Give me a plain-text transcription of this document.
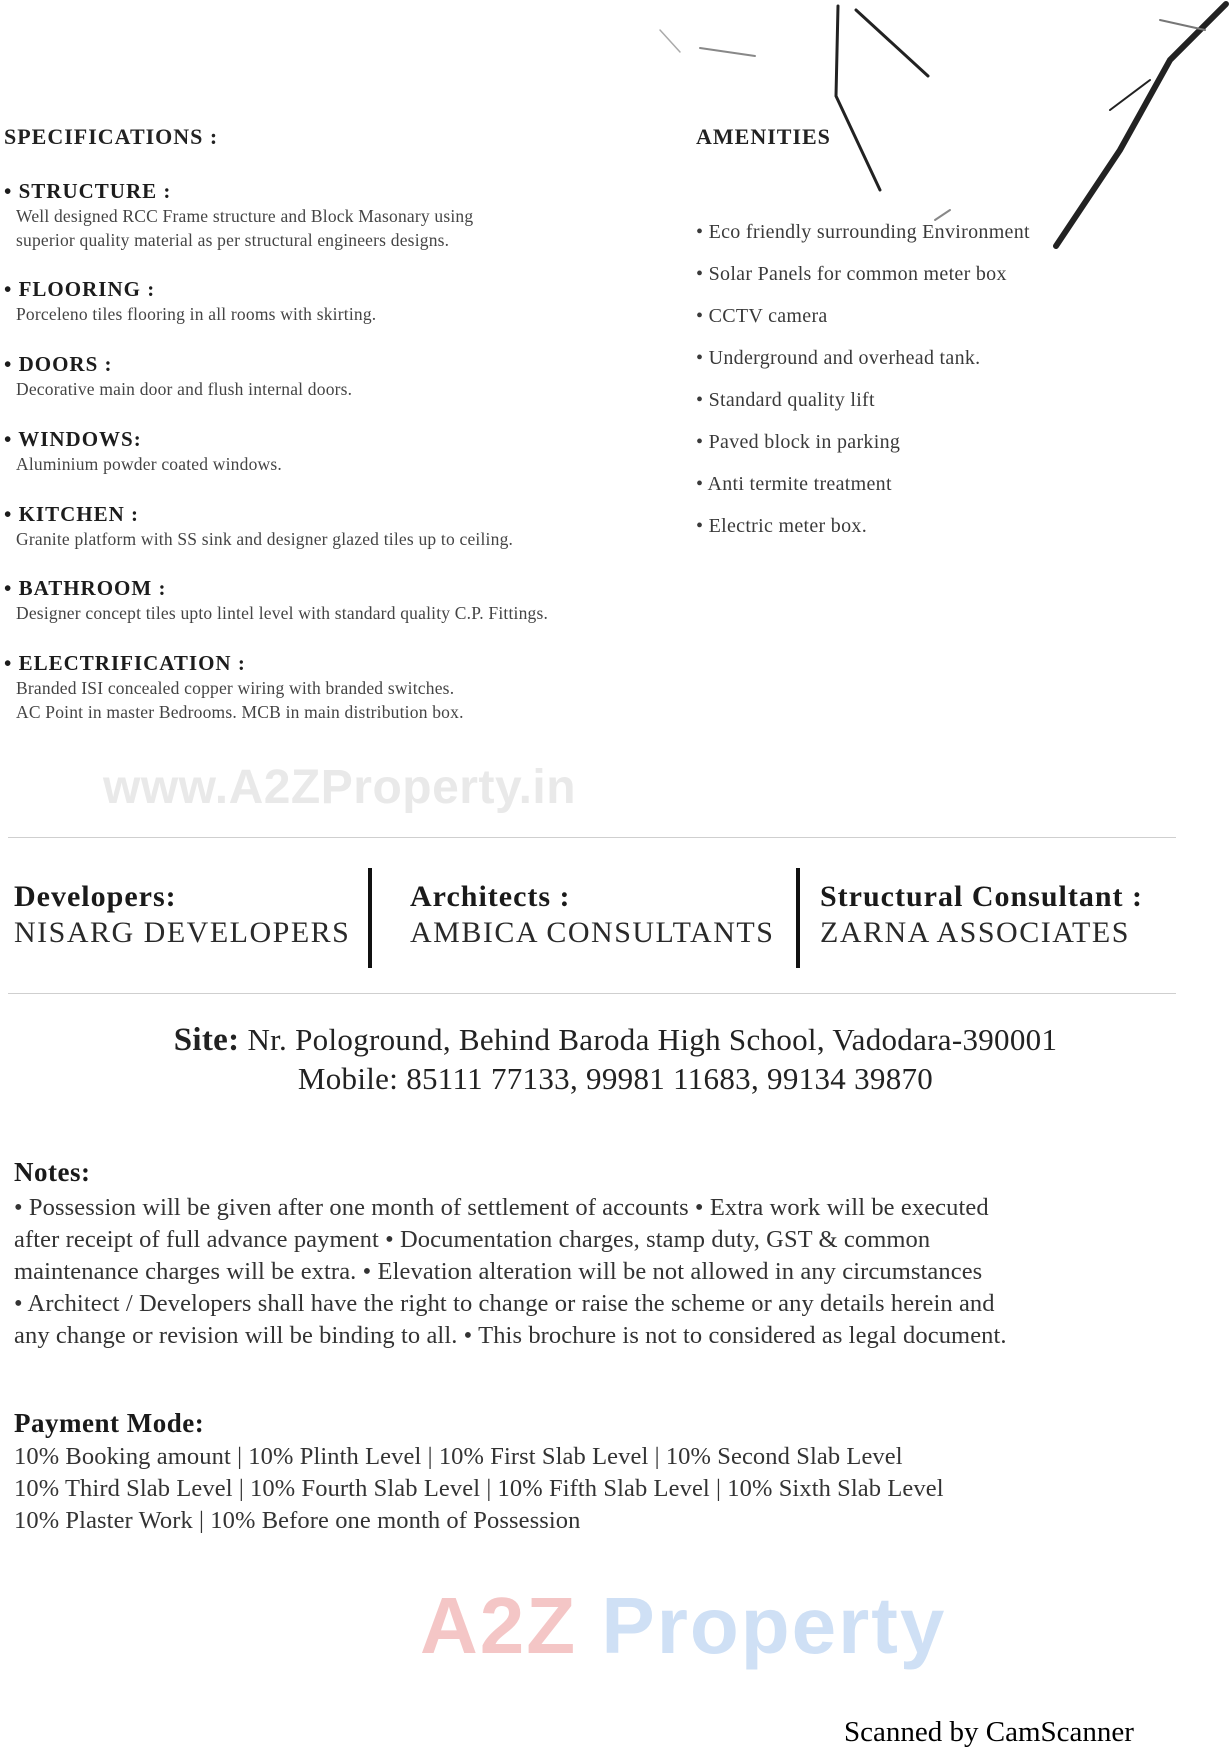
SPECIFICATIONS :
• STRUCTURE :
Well designed RCC Frame structure and Block Masonary using
superior quality material as per structural engineers designs.
• FLOORING :
Porceleno tiles flooring in all rooms with skirting.
• DOORS :
Decorative main door and flush internal doors.
• WINDOWS:
Aluminium powder coated windows.
• KITCHEN :
Granite platform with SS sink and designer glazed tiles up to ceiling.
• BATHROOM :
Designer concept tiles upto lintel level with standard quality C.P. Fittings.
• ELECTRIFICATION :
Branded ISI concealed copper wiring with branded switches.
AC Point in master Bedrooms. MCB in main distribution box.
AMENITIES
• Eco friendly surrounding Environment
• Solar Panels for common meter box
• CCTV camera
• Underground and overhead tank.
• Standard quality lift
• Paved block in parking
• Anti termite treatment
• Electric meter box.
www.A2ZProperty.in
Developers:
NISARG DEVELOPERS
Architects :
AMBICA CONSULTANTS
Structural Consultant :
ZARNA ASSOCIATES
Site: Nr. Pologround, Behind Baroda High School, Vadodara-390001
Mobile: 85111 77133, 99981 11683, 99134 39870
Notes:
• Possession will be given after one month of settlement of accounts • Extra work will be executed
after receipt of full advance payment • Documentation charges, stamp duty, GST & common
maintenance charges will be extra. • Elevation alteration will be not allowed in any circumstances
• Architect / Developers shall have the right to change or raise the scheme or any details herein and
any change or revision will be binding to all. • This brochure is not to considered as legal document.
Payment Mode:
10% Booking amount | 10% Plinth Level | 10% First Slab Level | 10% Second Slab Level
10% Third Slab Level | 10% Fourth Slab Level | 10% Fifth Slab Level | 10% Sixth Slab Level
10% Plaster Work | 10% Before one month of Possession
A2Z Property
Scanned by CamScanner
